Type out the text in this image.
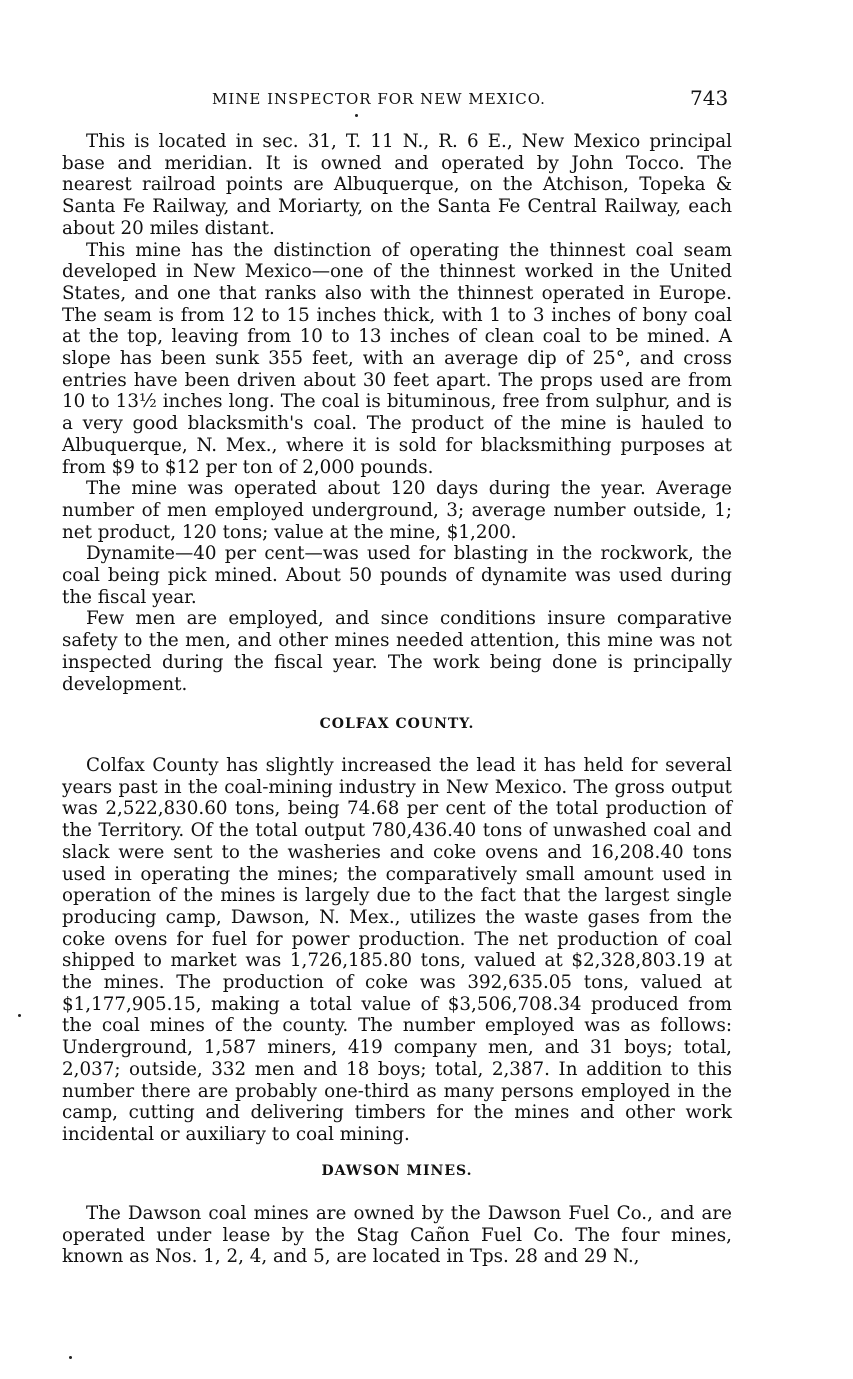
MINE INSPECTOR FOR NEW MEXICO.	743

This is located in sec. 31, T. 11 N., R. 6 E., New Mexico principal base and meridian. It is owned and operated by John Tocco. The nearest railroad points are Albuquerque, on the Atchison, Topeka & Santa Fe Railway, and Moriarty, on the Santa Fe Central Railway, each about 20 miles distant.

This mine has the distinction of operating the thinnest coal seam developed in New Mexico—one of the thinnest worked in the United States, and one that ranks also with the thinnest operated in Europe. The seam is from 12 to 15 inches thick, with 1 to 3 inches of bony coal at the top, leaving from 10 to 13 inches of clean coal to be mined. A slope has been sunk 355 feet, with an average dip of 25°, and cross entries have been driven about 30 feet apart. The props used are from 10 to 13½ inches long. The coal is bituminous, free from sulphur, and is a very good blacksmith's coal. The product of the mine is hauled to Albuquerque, N. Mex., where it is sold for blacksmithing purposes at from $9 to $12 per ton of 2,000 pounds.

The mine was operated about 120 days during the year. Average number of men employed underground, 3; average number outside, 1; net product, 120 tons; value at the mine, $1,200.

Dynamite—40 per cent—was used for blasting in the rockwork, the coal being pick mined. About 50 pounds of dynamite was used during the fiscal year.

Few men are employed, and since conditions insure comparative safety to the men, and other mines needed attention, this mine was not inspected during the fiscal year. The work being done is principally development.

COLFAX COUNTY.

Colfax County has slightly increased the lead it has held for several years past in the coal-mining industry in New Mexico. The gross output was 2,522,830.60 tons, being 74.68 per cent of the total production of the Territory. Of the total output 780,436.40 tons of unwashed coal and slack were sent to the washeries and coke ovens and 16,208.40 tons used in operating the mines; the comparatively small amount used in operation of the mines is largely due to the fact that the largest single producing camp, Dawson, N. Mex., utilizes the waste gases from the coke ovens for fuel for power production. The net production of coal shipped to market was 1,726,185.80 tons, valued at $2,328,803.19 at the mines. The production of coke was 392,635.05 tons, valued at $1,177,905.15, making a total value of $3,506,708.34 produced from the coal mines of the county. The number employed was as follows: Underground, 1,587 miners, 419 company men, and 31 boys; total, 2,037; outside, 332 men and 18 boys; total, 2,387. In addition to this number there are probably one-third as many persons employed in the camp, cutting and delivering timbers for the mines and other work incidental or auxiliary to coal mining.

DAWSON MINES.

The Dawson coal mines are owned by the Dawson Fuel Co., and are operated under lease by the Stag Cañon Fuel Co. The four mines, known as Nos. 1, 2, 4, and 5, are located in Tps. 28 and 29 N.,
